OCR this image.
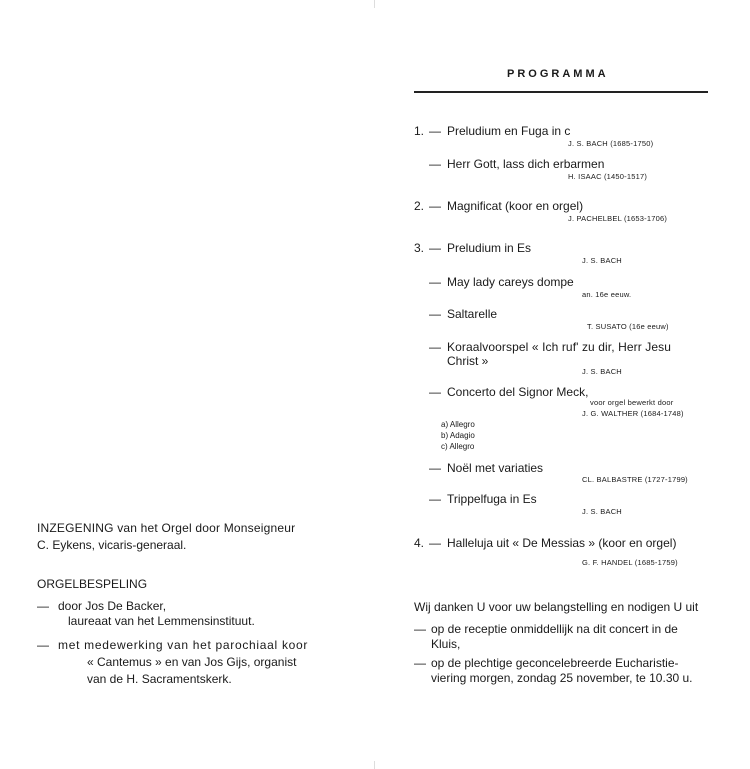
PROGRAMMA
1. — Preludium en Fuga in c
J. S. BACH (1685-1750)
— Herr Gott, lass dich erbarmen
H. ISAAC (1450-1517)
2. — Magnificat (koor en orgel)
J. PACHELBEL (1653-1706)
3. — Preludium in Es
J. S. BACH
— May lady careys dompe
an. 16e eeuw.
— Saltarelle
T. SUSATO (16e eeuw)
— Koraalvoorspel « Ich ruf' zu dir, Herr Jesu
Christ »
J. S. BACH
— Concerto del Signor Meck,
voor orgel bewerkt door
J. G. WALTHER (1684-1748)
a) Allegro
b) Adagio
c) Allegro
— Noël met variaties
CL. BALBASTRE (1727-1799)
— Trippelfuga in Es
J. S. BACH
4. — Halleluja uit « De Messias » (koor en orgel)
G. F. HANDEL (1685-1759)
Wij danken U voor uw belangstelling en nodigen U uit
— op de receptie onmiddellijk na dit concert in de
Kluis,
— op de plechtige geconcelebreerde Eucharistie-
viering morgen, zondag 25 november, te 10.30 u.
INZEGENING van het Orgel door Monseigneur
C. Eykens, vicaris-generaal.
ORGELBESPELING
— door Jos De Backer,
laureaat van het Lemmensinstituut.
— met medewerking van het parochiaal koor
« Cantemus » en van Jos Gijs, organist
van de H. Sacramentskerk.
